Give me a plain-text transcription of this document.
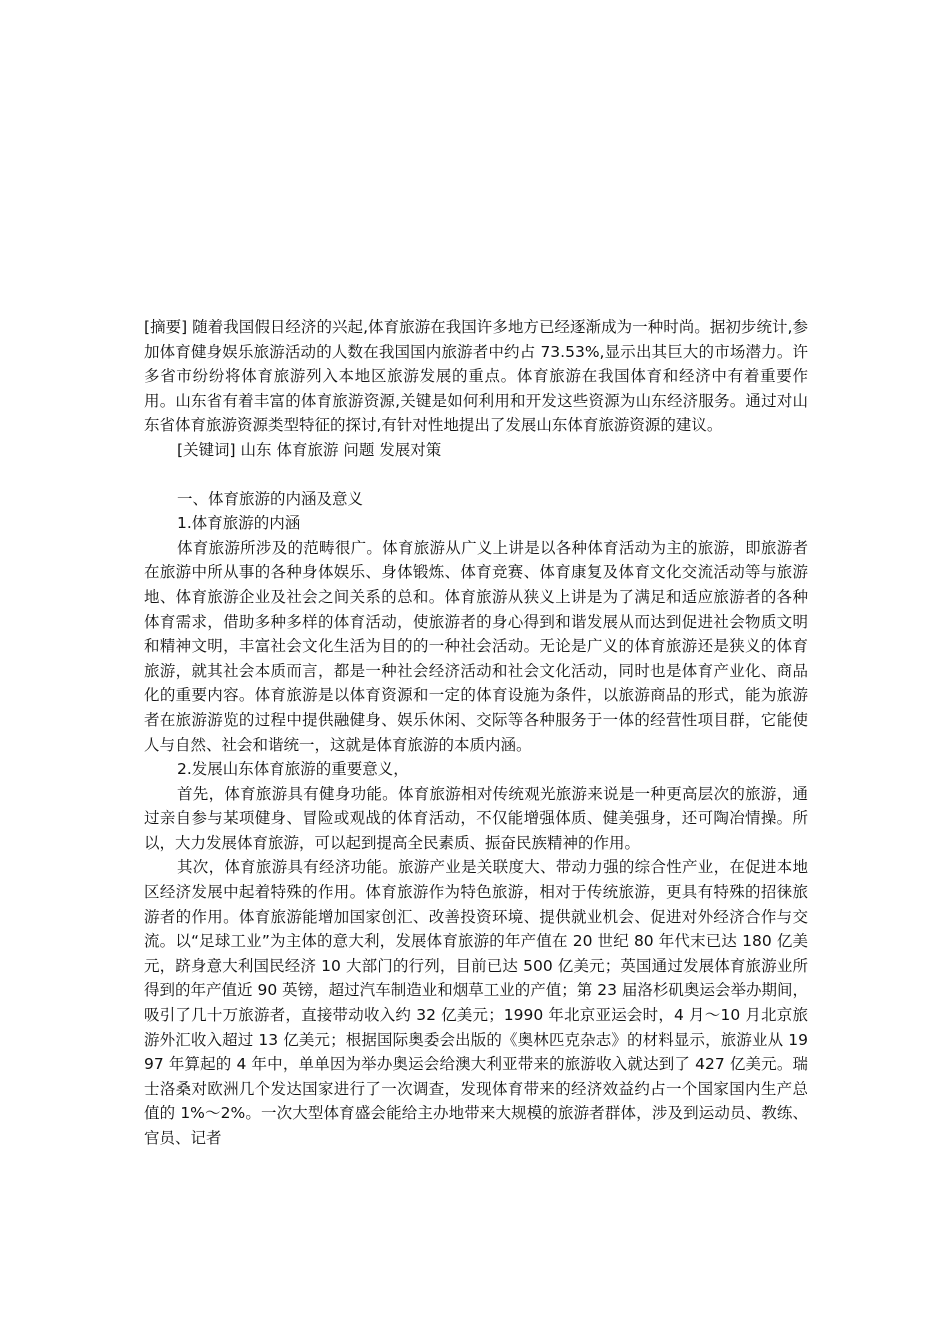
[摘要] 随着我国假日经济的兴起,体育旅游在我国许多地方已经逐渐成为一种时尚。据初步统计,参加体育健身娱乐旅游活动的人数在我国国内旅游者中约占 73.53%,显示出其巨大的市场潜力。许多省市纷纷将体育旅游列入本地区旅游发展的重点。体育旅游在我国体育和经济中有着重要作用。山东省有着丰富的体育旅游资源,关键是如何利用和开发这些资源为山东经济服务。通过对山东省体育旅游资源类型特征的探讨,有针对性地提出了发展山东体育旅游资源的建议。

[关键词] 山东 体育旅游 问题 发展对策

一、体育旅游的内涵及意义

1.体育旅游的内涵

体育旅游所涉及的范畴很广。体育旅游从广义上讲是以各种体育活动为主的旅游，即旅游者在旅游中所从事的各种身体娱乐、身体锻炼、体育竞赛、体育康复及体育文化交流活动等与旅游地、体育旅游企业及社会之间关系的总和。体育旅游从狭义上讲是为了满足和适应旅游者的各种体育需求，借助多种多样的体育活动，使旅游者的身心得到和谐发展从而达到促进社会物质文明和精神文明，丰富社会文化生活为目的的一种社会活动。无论是广义的体育旅游还是狭义的体育旅游，就其社会本质而言，都是一种社会经济活动和社会文化活动，同时也是体育产业化、商品化的重要内容。体育旅游是以体育资源和一定的体育设施为条件，以旅游商品的形式，能为旅游者在旅游游览的过程中提供融健身、娱乐休闲、交际等各种服务于一体的经营性项目群，它能使人与自然、社会和谐统一，这就是体育旅游的本质内涵。

2.发展山东体育旅游的重要意义，

首先，体育旅游具有健身功能。体育旅游相对传统观光旅游来说是一种更高层次的旅游，通过亲自参与某项健身、冒险或观战的体育活动，不仅能增强体质、健美强身，还可陶冶情操。所以，大力发展体育旅游，可以起到提高全民素质、振奋民族精神的作用。

其次，体育旅游具有经济功能。旅游产业是关联度大、带动力强的综合性产业，在促进本地区经济发展中起着特殊的作用。体育旅游作为特色旅游，相对于传统旅游，更具有特殊的招徕旅游者的作用。体育旅游能增加国家创汇、改善投资环境、提供就业机会、促进对外经济合作与交流。以“足球工业”为主体的意大利，发展体育旅游的年产值在 20 世纪 80 年代末已达 180 亿美元，跻身意大利国民经济 10 大部门的行列，目前已达 500 亿美元；英国通过发展体育旅游业所得到的年产值近 90 英镑，超过汽车制造业和烟草工业的产值；第 23 届洛杉矶奥运会举办期间，吸引了几十万旅游者，直接带动收入约 32 亿美元；1990 年北京亚运会时，4 月～10 月北京旅游外汇收入超过 13 亿美元；根据国际奥委会出版的《奥林匹克杂志》的材料显示，旅游业从 1997 年算起的 4 年中，单单因为举办奥运会给澳大利亚带来的旅游收入就达到了 427 亿美元。瑞士洛桑对欧洲几个发达国家进行了一次调查，发现体育带来的经济效益约占一个国家国内生产总值的 1%～2%。一次大型体育盛会能给主办地带来大规模的旅游者群体，涉及到运动员、教练、官员、记者
